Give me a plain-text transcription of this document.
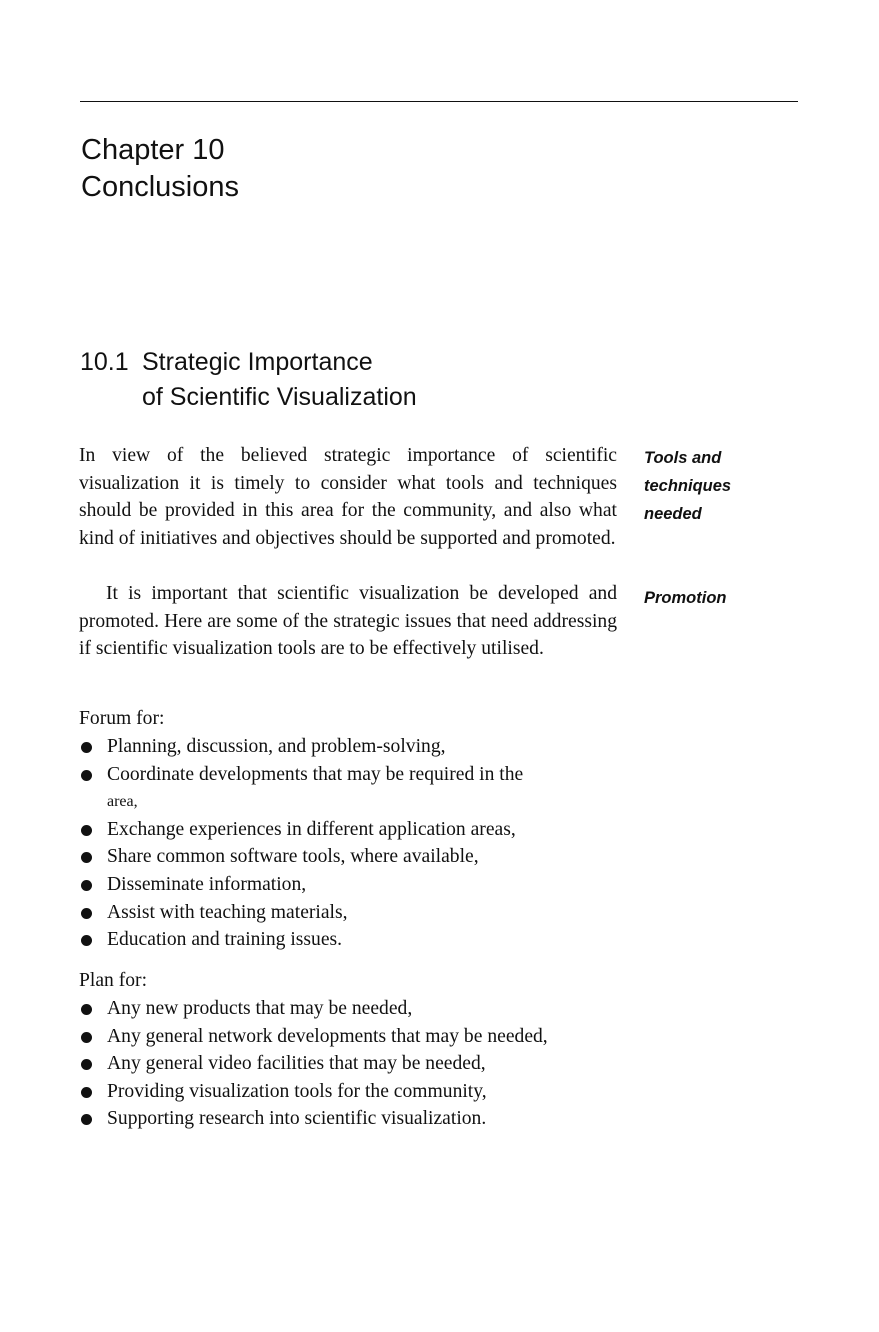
Chapter 10
Conclusions
10.1 Strategic Importance
of Scientific Visualization

In view of the believed strategic importance of scientific visualization it is timely to consider what tools and techniques should be provided in this area for the community, and also what kind of initiatives and objectives should be supported and promoted.

It is important that scientific visualization be developed and promoted. Here are some of the strategic issues that need addressing if scientific visualization tools are to be effectively utilised.

Tools and
techniques
needed
Promotion
Forum for:
Planning, discussion, and problem-solving,
Coordinate developments that may be required in the
area,
Exchange experiences in different application areas,
Share common software tools, where available,
Disseminate information,
Assist with teaching materials,
Education and training issues.
Plan for:
Any new products that may be needed,
Any general network developments that may be needed,
Any general video facilities that may be needed,
Providing visualization tools for the community,
Supporting research into scientific visualization.
